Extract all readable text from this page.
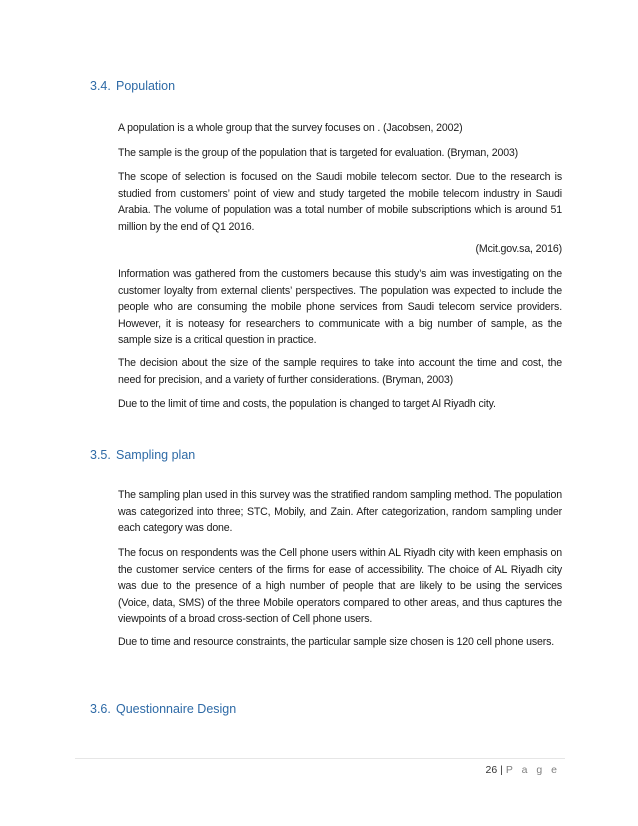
3.4. Population
A population is a whole group that the survey focuses on . (Jacobsen, 2002)
The sample is the group of the population that is targeted for evaluation. (Bryman, 2003)
The scope of selection is focused on the Saudi mobile telecom sector. Due to the research is studied from customers’ point of view and study targeted the mobile telecom industry in Saudi Arabia. The volume of population was a total number of mobile subscriptions which is around 51 million by the end of Q1 2016.
(Mcit.gov.sa, 2016)
Information was gathered from the customers because this study’s aim was investigating on the customer loyalty from external clients’ perspectives. The population was expected to include the people who are consuming the mobile phone services from Saudi telecom service providers. However, it is noteasy for researchers to communicate with a big number of sample, as the sample size is a critical question in practice.
The decision about the size of the sample requires to take into account the time and cost, the need for precision, and a variety of further considerations. (Bryman, 2003)
Due to the limit of time and costs, the population is changed to target Al Riyadh city.
3.5. Sampling plan
The sampling plan used in this survey was the stratified random sampling method. The population was categorized into three; STC, Mobily, and Zain. After categorization, random sampling under each category was done.
The focus on respondents was the Cell phone users within AL Riyadh city with keen emphasis on the customer service centers of the firms for ease of accessibility. The choice of AL Riyadh city was due to the presence of a high number of people that are likely to be using the services (Voice, data, SMS) of the three Mobile operators compared to other areas, and thus captures the viewpoints of a broad cross-section of Cell phone users.
Due to time and resource constraints, the particular sample size chosen is 120 cell phone users.
3.6. Questionnaire Design
26 | P a g e
